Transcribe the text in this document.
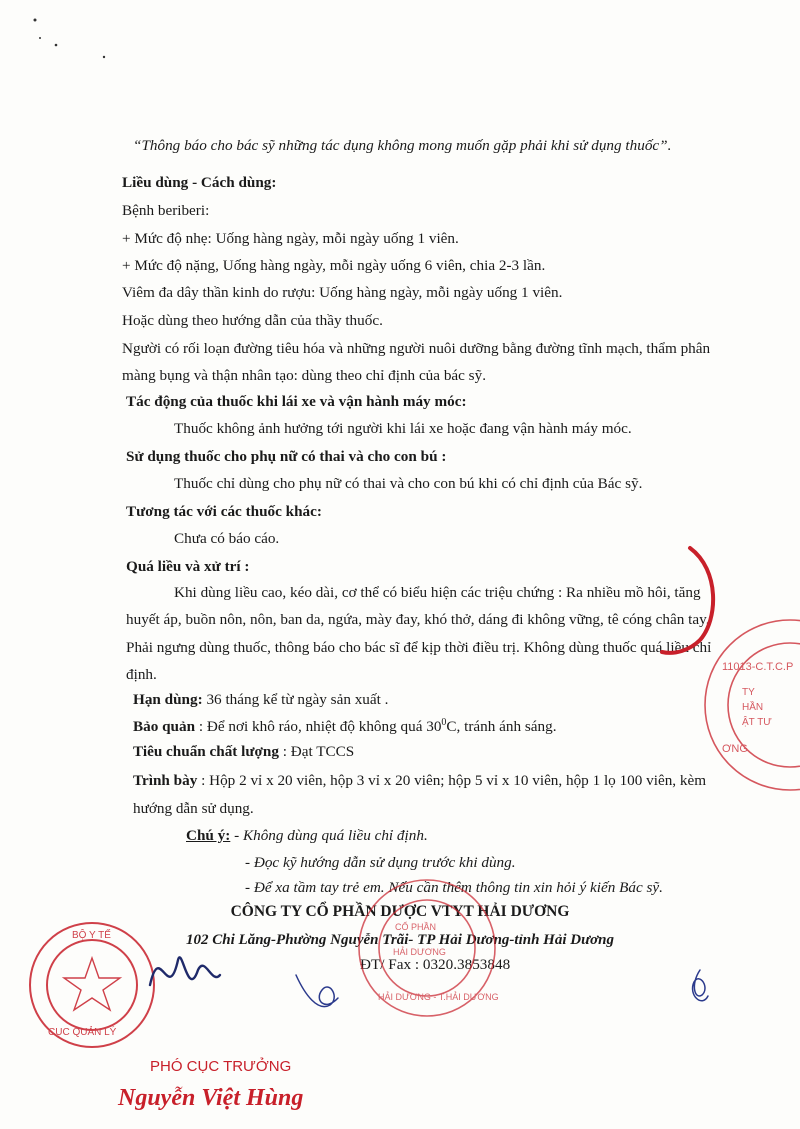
“Thông báo cho bác sỹ những tác dụng không mong muốn gặp phải khi sử dụng thuốc”.
Liều dùng - Cách dùng:
Bệnh beriberi:
+ Mức độ nhẹ: Uống hàng ngày, mỗi ngày uống 1 viên.
+ Mức độ nặng, Uống hàng ngày, mỗi ngày uống 6 viên, chia 2-3 lần.
Viêm đa dây thần kinh do rượu: Uống hàng ngày, mỗi ngày uống 1 viên.
Hoặc dùng theo hướng dẫn của thầy thuốc.
Người có rối loạn đường tiêu hóa và những người nuôi dưỡng bằng đường tĩnh mạch, thẩm phân
màng bụng và thận nhân tạo: dùng theo chỉ định của bác sỹ.
Tác động của thuốc khi lái xe và vận hành máy móc:
Thuốc không ảnh hưởng tới người khi lái xe hoặc đang vận hành máy móc.
Sử dụng thuốc cho phụ nữ có thai và cho con bú :
Thuốc chỉ dùng cho phụ nữ có thai và cho con bú khi có chỉ định của Bác sỹ.
Tương tác với các thuốc khác:
Chưa có báo cáo.
Quá liều và xử trí :
Khi dùng liều cao, kéo dài, cơ thể có biểu hiện các triệu chứng : Ra nhiều mồ hôi, tăng
huyết áp, buồn nôn, nôn, ban da, ngứa, mày đay, khó thở, dáng đi không vững, tê cóng chân tay.
Phải ngưng dùng thuốc, thông báo cho bác sĩ để kịp thời điều trị. Không dùng thuốc quá liều chỉ
định.
Hạn dùng: 36 tháng kể từ ngày sản xuất .
Bảo quản : Để nơi khô ráo, nhiệt độ không quá $30^0C$, tránh ánh sáng.
Tiêu chuẩn chất lượng : Đạt TCCS
Trình bày : Hộp 2 vỉ x 20 viên, hộp 3 vỉ x 20 viên; hộp 5 vỉ x 10 viên, hộp 1 lọ 100 viên, kèm
hướng dẫn sử dụng.
Chú ý: - Không dùng quá liều chỉ định.
- Đọc kỹ hướng dẫn sử dụng trước khi dùng.
- Để xa tầm tay trẻ em. Nếu cần thêm thông tin xin hỏi ý kiến Bác sỹ.
CÔNG TY CỔ PHẦN DƯỢC VTYT HẢI DƯƠNG
102 Chi Lăng-Phường Nguyễn Trãi- TP Hải Dương-tỉnh Hải Dương
ĐT/ Fax : 0320.3853848
PHÓ CỤC TRƯỞNG
Nguyễn Việt Hùng
11013-C.T.C.P
TY
HẦN
ẬT TƯ
ƠNG
CỔ PHẦN
HẢI DƯƠNG
HẢI DƯƠNG - T.HẢI DƯƠNG
BỘ Y TẾ
CỤC QUẢN LÝ
